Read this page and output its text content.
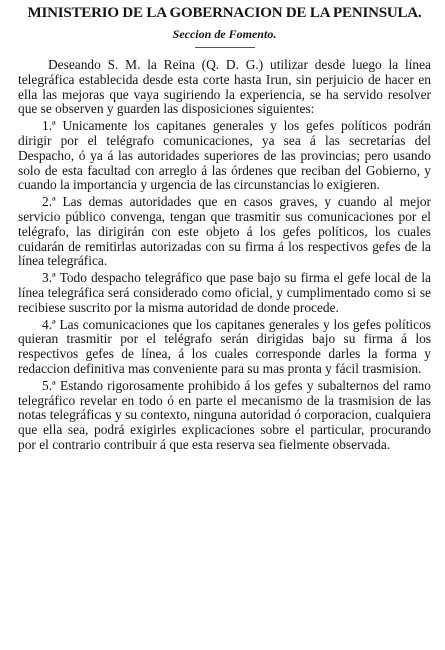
MINISTERIO DE LA GOBERNACION DE LA PENINSULA.
Seccion de Fomento.

Deseando S. M. la Reina (Q. D. G.) utilizar desde luego la línea telegráfica establecida desde esta corte hasta Irun, sin perjuicio de hacer en ella las mejoras que vaya sugiriendo la experiencia, se ha servido resolver que se observen y guarden las disposiciones siguientes:

1.ª Unicamente los capitanes generales y los gefes políticos podrán dirigir por el telégrafo comunicaciones, ya sea á las secretarías del Despacho, ó ya á las autoridades superiores de las provincias; pero usando solo de esta facultad con arreglo á las órdenes que reciban del Gobierno, y cuando la importancia y urgencia de las circunstancias lo exigieren.

2.ª Las demas autoridades que en casos graves, y cuando al mejor servicio público convenga, tengan que trasmitir sus comunicaciones por el telégrafo, las dirigirán con este objeto á los gefes políticos, los cuales cuidarán de remitirlas autorizadas con su firma á los respectivos gefes de la línea telegráfica.

3.ª Todo despacho telegráfico que pase bajo su firma el gefe local de la línea telegráfica será considerado como oficial, y cumplimentado como si se recibiese suscrito por la misma autoridad de donde procede.

4.ª Las comunicaciones que los capitanes generales y los gefes políticos quieran trasmitir por el telégrafo serán dirigidas bajo su firma á los respectivos gefes de línea, á los cuales corresponde darles la forma y redaccion definitiva mas conveniente para su mas pronta y fácil trasmision.

5.ª Estando rigorosamente prohibido á los gefes y subalternos del ramo telegráfico revelar en todo ó en parte el mecanismo de la trasmision de las notas telegráficas y su contexto, ninguna autoridad ó corporacion, cualquiera que ella sea, podrá exigirles explicaciones sobre el particular, procurando por el contrario contribuir á que esta reserva sea fielmente observada.
